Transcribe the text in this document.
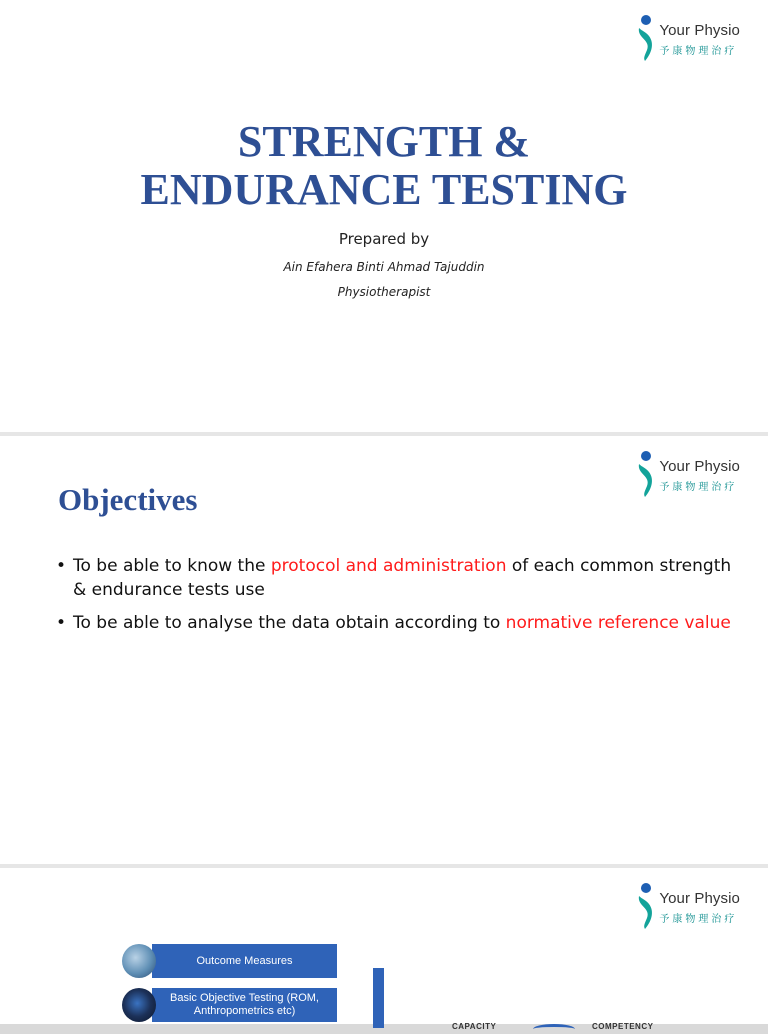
Your Physio
予康物理治疗
STRENGTH &
ENDURANCE TESTING
Prepared by
Ain Efahera Binti Ahmad Tajuddin
Physiotherapist
Your Physio
予康物理治疗
Objectives
• To be able to know the protocol and administration of each common strength & endurance tests use
• To be able to analyse the data obtain according to normative reference value
Your Physio
予康物理治疗
Outcome Measures
Basic Objective Testing (ROM, Anthropometrics etc)
CAPACITY	COMPETENCY
